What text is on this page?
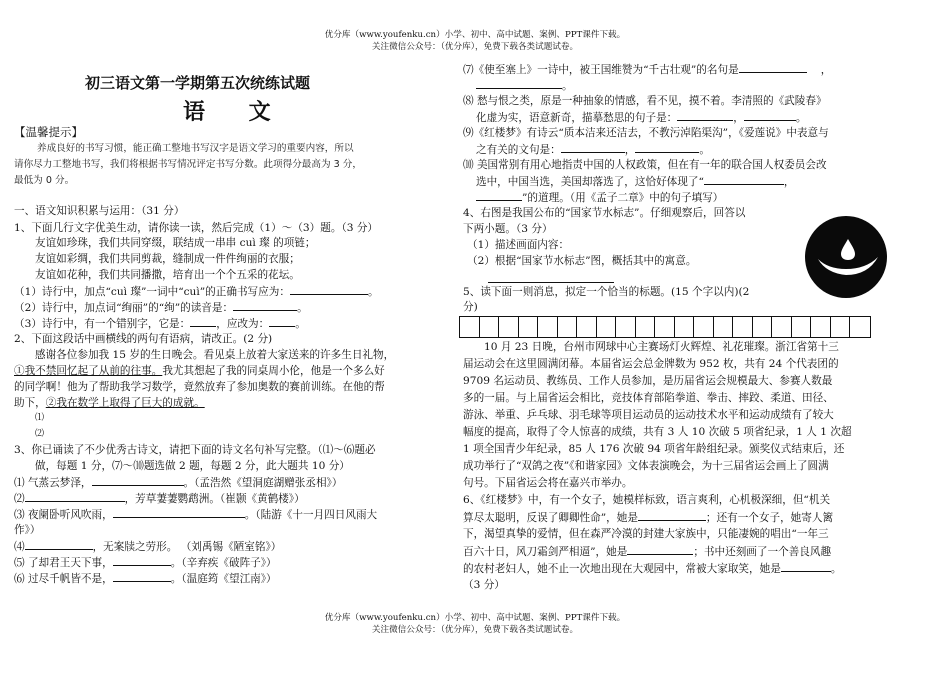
优分库（www.youfenku.cn）小学、初中、高中试题、案例、PPT课件下载。
关注微信公众号：（优分库），免费下载各类试题试卷。
初三语文第一学期第五次统练试题
语 文
【温馨提示】
养成良好的书写习惯，能正确工整地书写汉字是语文学习的重要内容，所以
请你尽力工整地书写，我们将根据书写情况评定书写分数。此项得分最高为 3 分，
最低为 0 分。
一、语文知识积累与运用：（31 分）
1、下面几行文字优美生动，请你读一读，然后完成（1）～（3）题。（3 分）
友谊如珍珠，我们共同穿缀，联结成一串串 cuì 璨 的项链；
友谊如彩绸，我们共同剪裁，缝制成一件件绚丽的衣服；
友谊如花种，我们共同播撒，培育出一个个五采的花坛。
（1）诗行中，加点“cuì 璨”一词中“cuì”的正确书写应为：	。
（2）诗行中，加点词“绚丽”的“绚”的读音是：	。
（3）诗行中，有一个错别字，它是： ，应改为： 。
2、下面这段话中画横线的两句有语病，请改正。(2 分)
感谢各位参加我 15 岁的生日晚会。看见桌上放着大家送来的许多生日礼物，
①我不禁回忆起了从前的往事。我尤其想起了我的同桌周小伦，他是一个多么好
的同学啊！他为了帮助我学习数学，竟然放弃了参加奥数的赛前训练。在他的帮
助下，②我在数学上取得了巨大的成就。
⑴
⑵
3、你已诵读了不少优秀古诗文，请把下面的诗文名句补写完整。（⑴～⑹题必
做，每题 1 分，⑺～⑽题选做 2 题，每题 2 分，此大题共 10 分）
⑴ 气蒸云梦泽，	。（孟浩然《望洞庭湖赠张丞相》）
⑵	，芳草萋萋鹦鹉洲。（崔颢《黄鹤楼》）
⑶ 夜阑卧听风吹雨，	。（陆游《十一月四日风雨大
作》）
⑷	，无案牍之劳形。 （刘禹锡《陋室铭》）
⑸ 了却君王天下事，	。（辛弃疾《破阵子》）
⑹ 过尽千帆皆不是，	。（温庭筠《望江南》）
⑺《使至塞上》一诗中，被王国维赞为“千古壮观”的名句是	，
。
⑻ 愁与恨之类，原是一种抽象的情感，看不见，摸不着。李清照的《武陵春》
化虚为实，语意新奇，描摹愁思的句子是：	，	。
⑼《红楼梦》有诗云“质本洁来还洁去，不教污淖陷渠沟”，《爱莲说》中表意与
之有关的文句是：	，	。
⑽ 美国常别有用心地指责中国的人权政策，但在有一年的联合国人权委员会改
选中，中国当选，美国却落选了，这恰好体现了“	，
”的道理。（用《孟子二章》中的句子填写）
4、右图是我国公布的“国家节水标志”。仔细观察后，回答以
下两小题。（3 分）
（1）描述画面内容：
（2）根据“国家节水标志”图，概括其中的寓意。
5、读下面一则消息，拟定一个恰当的标题。(15 个字以内)(2
分)
10 月 23 日晚，台州市网球中心主赛场灯火辉煌、礼花璀璨。浙江省第十三
届运动会在这里圆满闭幕。本届省运会总金牌数为 952 枚，共有 24 个代表团的
9709 名运动员、教练员、工作人员参加，是历届省运会规模最大、参赛人数最
多的一届。与上届省运会相比，竞技体育部陷拳道、拳击、摔跤、柔道、田径、
游泳、举重、乒乓球、羽毛球等项目运动员的运动技术水平和运动成绩有了较大
幅度的提高，取得了令人惊喜的成绩，共有 3 人 10 次破 5 项省纪录，1 人 1 次超
1 项全国青少年纪录，85 人 176 次破 94 项省年龄组纪录。颁奖仪式结束后，还
成功举行了“双鸽之夜”《和谐家园》文体表演晚会，为十三届省运会画上了圆满
句号。下届省运会将在嘉兴市举办。
6、《红楼梦》中，有一个女子，她模样标致，语言爽利，心机极深细，但“机关
算尽太聪明，反误了卿卿性命”，她是	；还有一个女子，她寄人篱
下，渴望真挚的爱情，但在森严冷漠的封建大家族中，只能凄婉的唱出“一年三
百六十日，风刀霜剑严相逼”，她是	；书中还刻画了一个善良风趣
的农村老妇人，她不止一次地出现在大观园中，常被大家取笑，她是	。
（3 分）
优分库（www.youfenku.cn）小学、初中、高中试题、案例、PPT课件下载。
关注微信公众号：（优分库），免费下载各类试题试卷。
